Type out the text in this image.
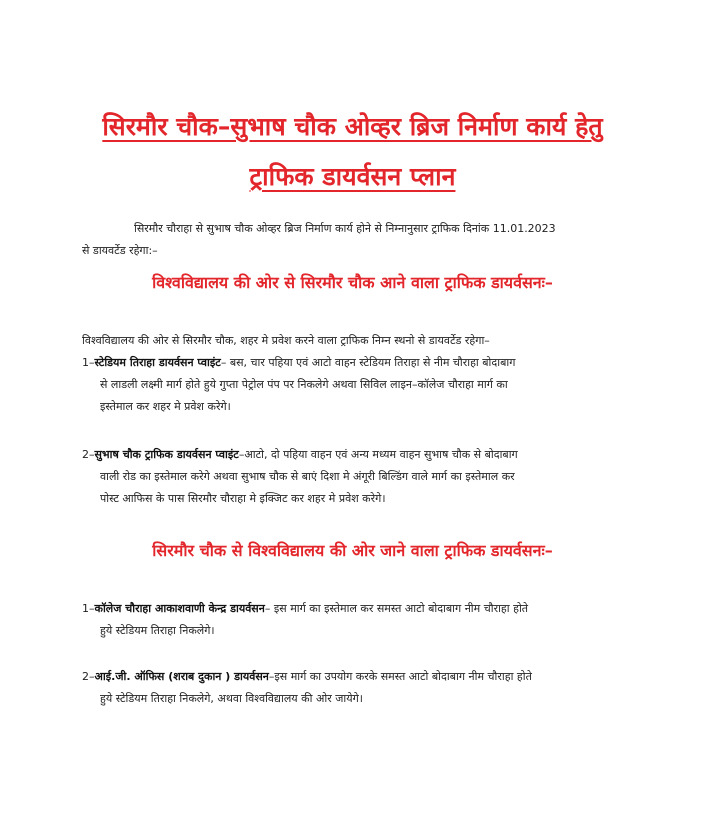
सिरमौर चौक–सुभाष चौक ओव्हर ब्रिज निर्माण कार्य हेतु
ट्राफिक डायर्वसन प्लान
सिरमौर चौराहा से सुभाष चौक ओव्हर ब्रिज निर्माण कार्य होने से निम्नानुसार ट्राफिक दिनांक 11.01.2023
से डायवर्टेड रहेगा:–
विश्वविद्यालय की ओर से सिरमौर चौक आने वाला ट्राफिक डायर्वसनः–
विश्वविद्यालय की ओर से सिरमौर चौक, शहर मे प्रवेश करने वाला ट्राफिक निम्न स्थनो से डायवर्टेड रहेगा–
1–स्टेडियम तिराहा डायर्वसन प्वाइंट– बस, चार पहिया एवं आटो वाहन स्टेडियम तिराहा से नीम चौराहा बोदाबाग
से लाडली लक्ष्मी मार्ग होते हुये गुप्ता पेट्रोल पंप पर निकलेगे अथवा सिविल लाइन–कॉलेज चौराहा मार्ग का
इस्तेमाल कर शहर मे प्रवेश करेगे।
2–सुभाष चौक ट्राफिक डायर्वसन प्वाइंट–आटो, दो पहिया वाहन एवं अन्य मध्यम वाहन सुभाष चौक से बोदाबाग
वाली रोड का इस्तेमाल करेगे अथवा सुभाष चौक से बाएं दिशा मे अंगूरी बिल्डिंग वाले मार्ग का इस्तेमाल कर
पोस्ट आफिस के पास सिरमौर चौराहा मे इक्जिट कर शहर मे प्रवेश करेगे।
सिरमौर चौक से विश्वविद्यालय की ओर जाने वाला ट्राफिक डायर्वसनः–
1–कॉलेज चौराहा आकाशवाणी केन्द्र डायर्वसन– इस मार्ग का इस्तेमाल कर समस्त आटो बोदाबाग नीम चौराहा होते
हुये स्टेडियम तिराहा निकलेगे।
2–आई.जी. ऑफिस (शराब दुकान ) डायर्वसन–इस मार्ग का उपयोग करके समस्त आटो बोदाबाग नीम चौराहा होते
हुये स्टेडियम तिराहा निकलेगे, अथवा विश्वविद्यालय की ओर जायेगे।
